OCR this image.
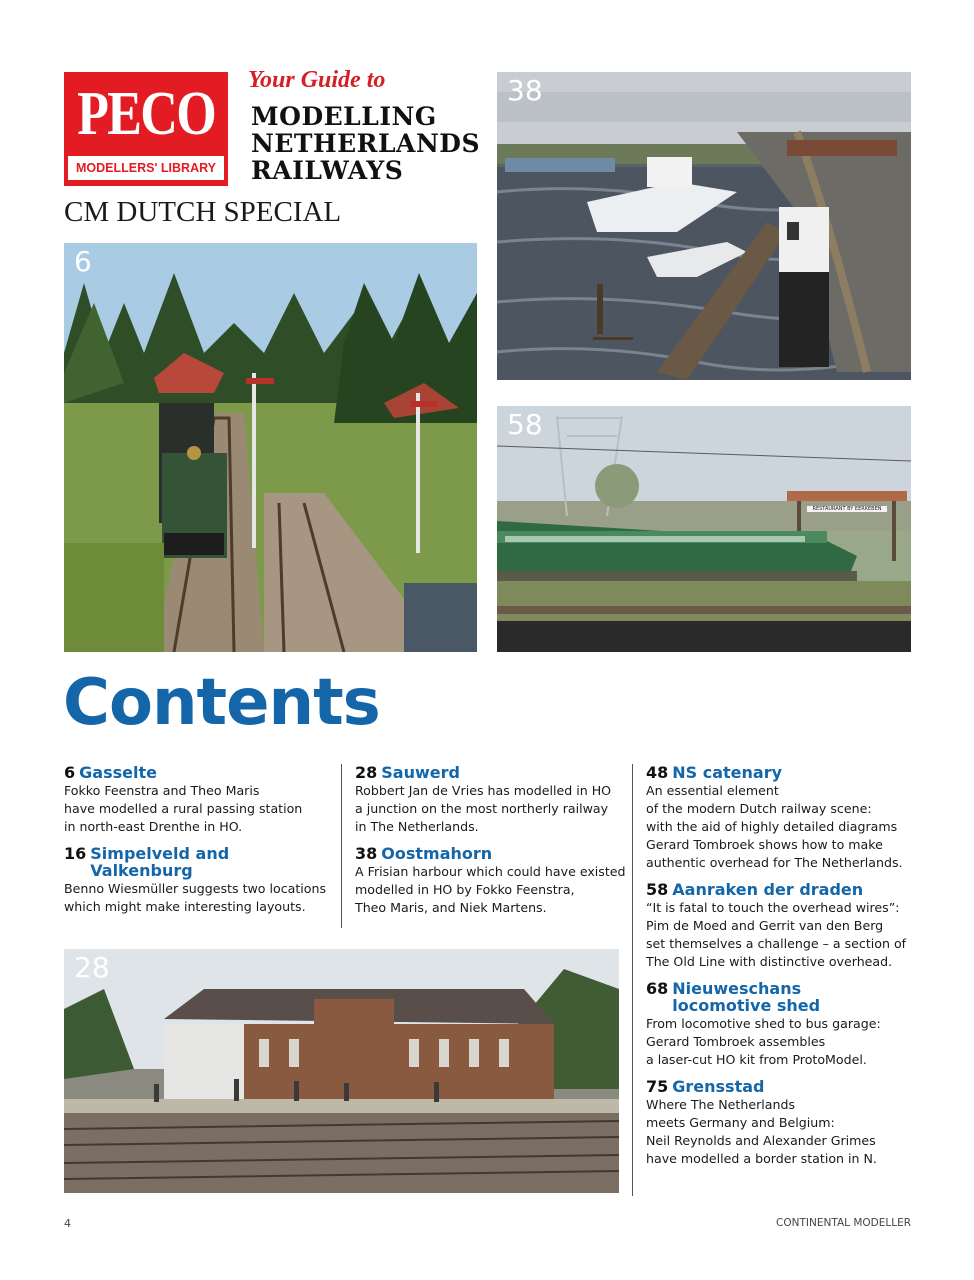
PECO
MODELLERS' LIBRARY
Your Guide to
MODELLING
NETHERLANDS
RAILWAYS
CM DUTCH SPECIAL
38
6
58
RESTAURANT BY EERKEBEN
28
Contents
6 Gasselte
Fokko Feenstra and Theo Maris
have modelled a rural passing station
in north-east Drenthe in HO.
16 Simpelveld and Valkenburg
Benno Wiesmüller suggests two locations
which might make interesting layouts.
28 Sauwerd
Robbert Jan de Vries has modelled in HO
a junction on the most northerly railway
in The Netherlands.
38 Oostmahorn
A Frisian harbour which could have existed
modelled in HO by Fokko Feenstra,
Theo Maris, and Niek Martens.
48 NS catenary
An essential element
of the modern Dutch railway scene:
with the aid of highly detailed diagrams
Gerard Tombroek shows how to make
authentic overhead for The Netherlands.
58 Aanraken der draden
“It is fatal to touch the overhead wires”:
Pim de Moed and Gerrit van den Berg
set themselves a challenge – a section of
The Old Line with distinctive overhead.
68 Nieuweschans locomotive shed
From locomotive shed to bus garage:
Gerard Tombroek assembles
a laser-cut HO kit from ProtoModel.
75 Grensstad
Where The Netherlands
meets Germany and Belgium:
Neil Reynolds and Alexander Grimes
have modelled a border station in N.
4	CONTINENTAL MODELLER
